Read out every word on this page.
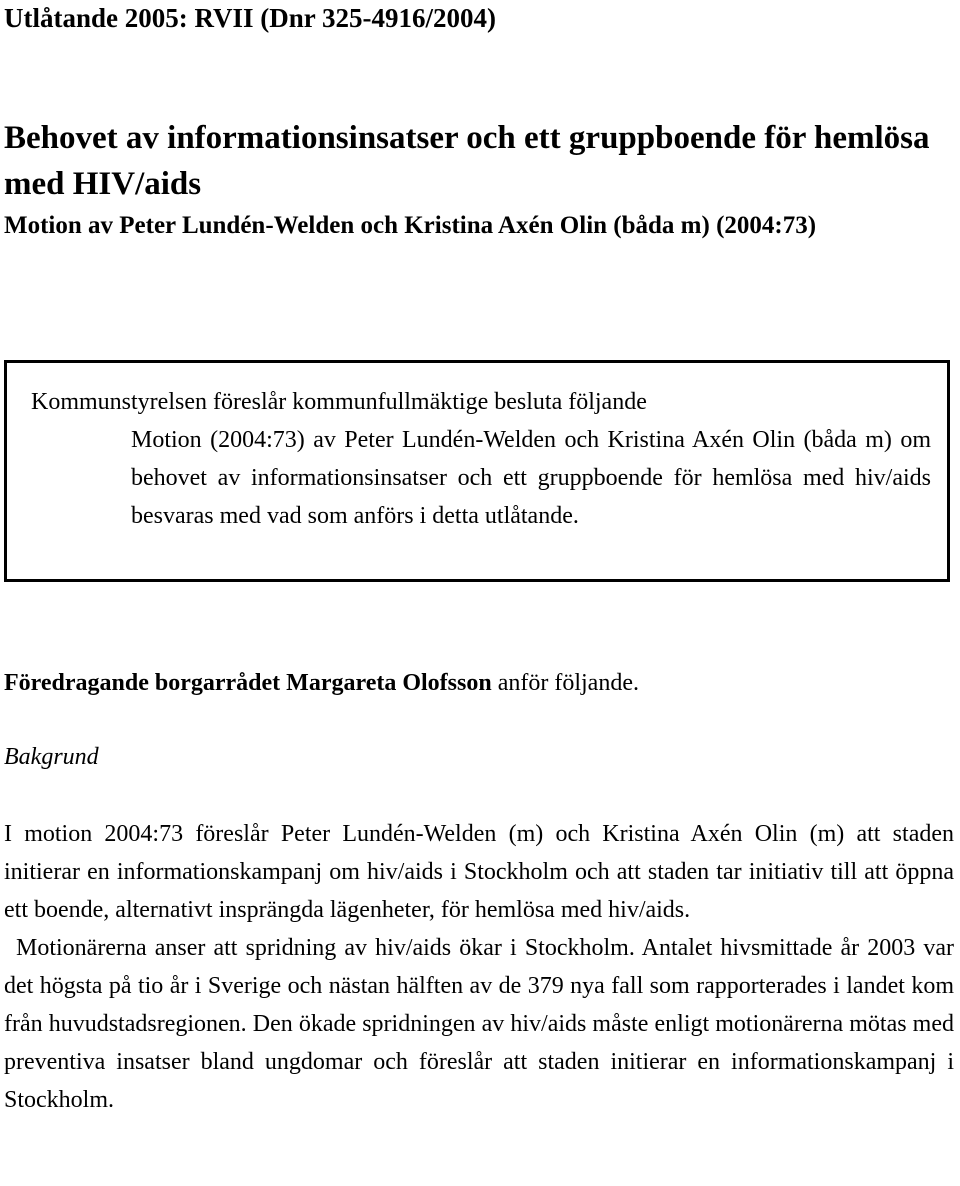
Utlåtande 2005: RVII (Dnr 325-4916/2004)
Behovet av informationsinsatser och ett gruppboende för hemlösa med HIV/aids
Motion av Peter Lundén-Welden och Kristina Axén Olin (båda m) (2004:73)
Kommunstyrelsen föreslår kommunfullmäktige besluta följande
Motion (2004:73) av Peter Lundén-Welden och Kristina Axén Olin (båda m) om behovet av informationsinsatser och ett gruppboende för hemlösa med hiv/aids besvaras med vad som anförs i detta utlåtande.
Föredragande borgarrådet Margareta Olofsson anför följande.
Bakgrund

I motion 2004:73 föreslår Peter Lundén-Welden (m) och Kristina Axén Olin (m) att staden initierar en informationskampanj om hiv/aids i Stockholm och att staden tar initiativ till att öppna ett boende, alternativt insprängda lägenheter, för hemlösa med hiv/aids.

Motionärerna anser att spridning av hiv/aids ökar i Stockholm. Antalet hivsmittade år 2003 var det högsta på tio år i Sverige och nästan hälften av de 379 nya fall som rapporterades i landet kom från huvudstadsregionen. Den ökade spridningen av hiv/aids måste enligt motionärerna mötas med preventiva insatser bland ungdomar och föreslår att staden initierar en informationskampanj i Stockholm.
